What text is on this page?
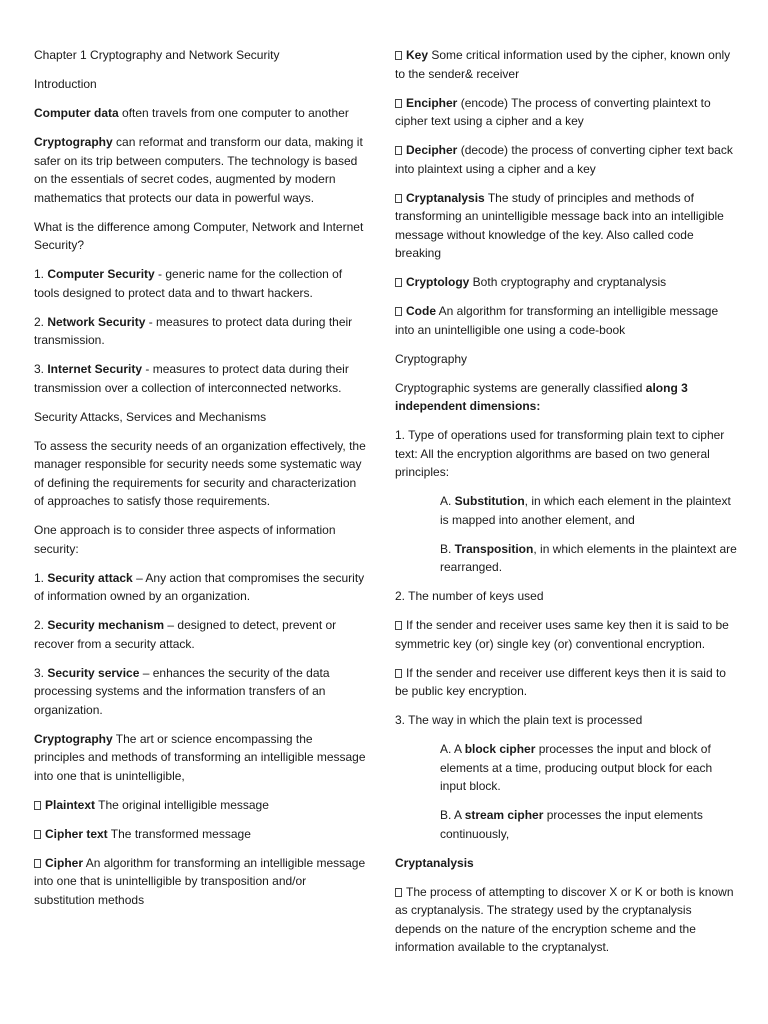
Chapter 1 Cryptography and Network Security

Introduction

Computer data often travels from one computer to another

Cryptography can reformat and transform our data, making it safer on its trip between computers. The technology is based on the essentials of secret codes, augmented by modern mathematics that protects our data in powerful ways.

What is the difference among Computer, Network and Internet Security?

1. Computer Security - generic name for the collection of tools designed to protect data and to thwart hackers.

2. Network Security - measures to protect data during their transmission.

3. Internet Security - measures to protect data during their transmission over a collection of interconnected networks.

Security Attacks, Services and Mechanisms

To assess the security needs of an organization effectively, the manager responsible for security needs some systematic way of defining the requirements for security and characterization of approaches to satisfy those requirements.

One approach is to consider three aspects of information security:

1. Security attack – Any action that compromises the security of information owned by an organization.

2. Security mechanism – designed to detect, prevent or recover from a security attack.

3. Security service – enhances the security of the data processing systems and the information transfers of an organization.

Cryptography The art or science encompassing the principles and methods of transforming an intelligible message into one that is unintelligible,

Plaintext The original intelligible message

Cipher text The transformed message

Cipher An algorithm for transforming an intelligible message into one that is unintelligible by transposition and/or substitution methods

Key Some critical information used by the cipher, known only to the sender& receiver

Encipher (encode) The process of converting plaintext to cipher text using a cipher and a key

Decipher (decode) the process of converting cipher text back into plaintext using a cipher and a key

Cryptanalysis The study of principles and methods of transforming an unintelligible message back into an intelligible message without knowledge of the key. Also called code breaking

Cryptology Both cryptography and cryptanalysis

Code An algorithm for transforming an intelligible message into an unintelligible one using a code-book

Cryptography

Cryptographic systems are generally classified along 3 independent dimensions:

1. Type of operations used for transforming plain text to cipher text: All the encryption algorithms are based on two general principles:

A. Substitution, in which each element in the plaintext is mapped into another element, and

B. Transposition, in which elements in the plaintext are rearranged.

2. The number of keys used

If the sender and receiver uses same key then it is said to be symmetric key (or) single key (or) conventional encryption.

If the sender and receiver use different keys then it is said to be public key encryption.

3. The way in which the plain text is processed

A. A block cipher processes the input and block of elements at a time, producing output block for each input block.

B. A stream cipher processes the input elements continuously,

Cryptanalysis

The process of attempting to discover X or K or both is known as cryptanalysis. The strategy used by the cryptanalysis depends on the nature of the encryption scheme and the information available to the cryptanalyst.
